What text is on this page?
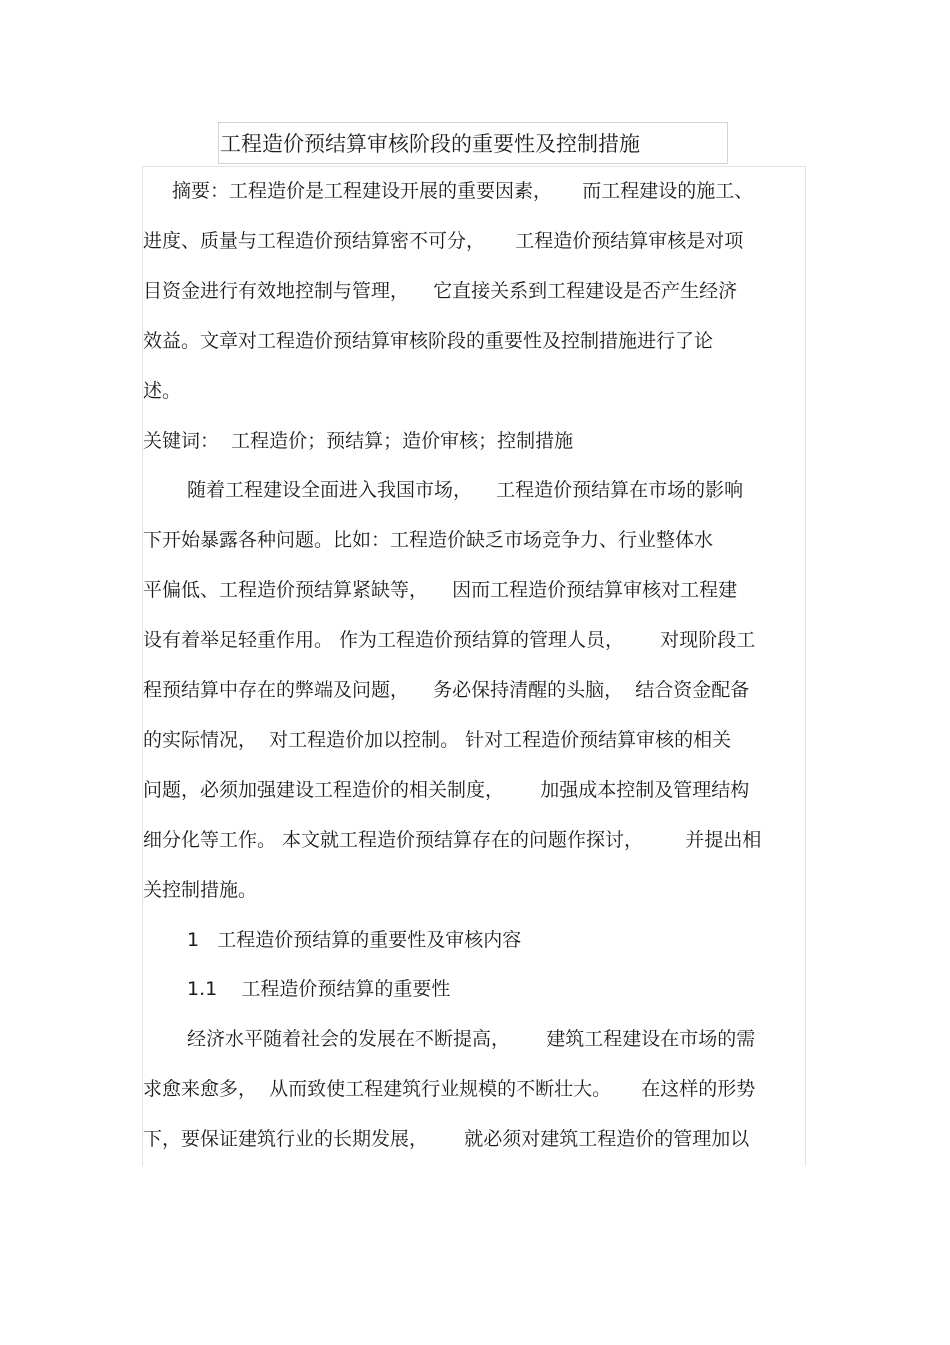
工程造价预结算审核阶段的重要性及控制措施
摘要：工程造价是工程建设开展的重要因素，     而工程建设的施工、
进度、质量与工程造价预结算密不可分，     工程造价预结算审核是对项
目资金进行有效地控制与管理，    它直接关系到工程建设是否产生经济
效益。文章对工程造价预结算审核阶段的重要性及控制措施进行了论
述。
关键词：  工程造价；预结算；造价审核；控制措施
随着工程建设全面进入我国市场，    工程造价预结算在市场的影响
下开始暴露各种问题。比如：工程造价缺乏市场竞争力、行业整体水
平偏低、工程造价预结算紧缺等，    因而工程造价预结算审核对工程建
设有着举足轻重作用。 作为工程造价预结算的管理人员，      对现阶段工
程预结算中存在的弊端及问题，    务必保持清醒的头脑，  结合资金配备
的实际情况，  对工程造价加以控制。 针对工程造价预结算审核的相关
问题，必须加强建设工程造价的相关制度，      加强成本控制及管理结构
细分化等工作。 本文就工程造价预结算存在的问题作探讨，       并提出相
关控制措施。
1   工程造价预结算的重要性及审核内容
1.1    工程造价预结算的重要性
经济水平随着社会的发展在不断提高，      建筑工程建设在市场的需
求愈来愈多，  从而致使工程建筑行业规模的不断壮大。     在这样的形势
下，要保证建筑行业的长期发展，      就必须对建筑工程造价的管理加以
